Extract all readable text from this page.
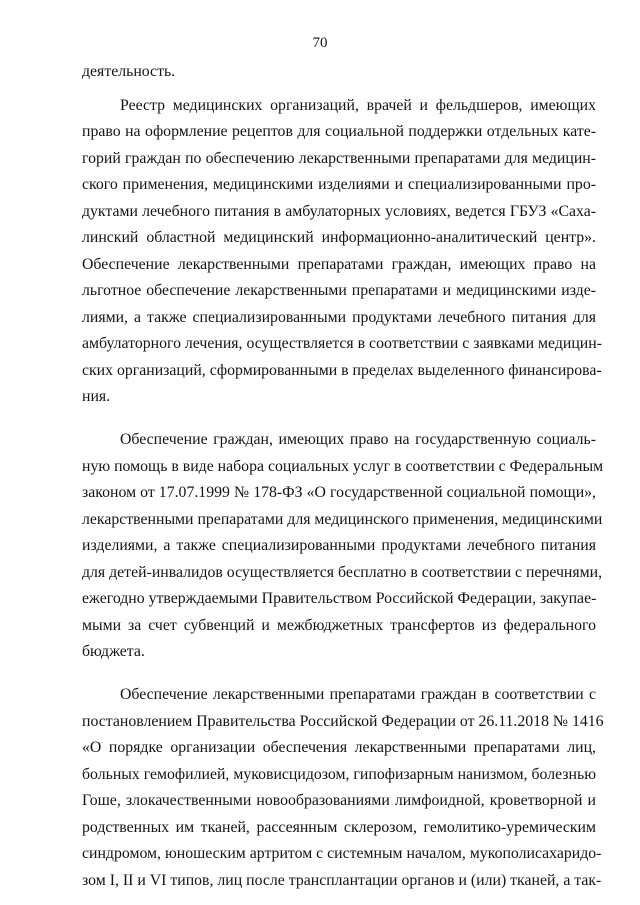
70
деятельность.
Реестр медицинских организаций, врачей и фельдшеров, имеющих
право на оформление рецептов для социальной поддержки отдельных кате-
горий граждан по обеспечению лекарственными препаратами для медицин-
ского применения, медицинскими изделиями и специализированными про-
дуктами лечебного питания в амбулаторных условиях, ведется ГБУЗ «Саха-
линский областной медицинский информационно-аналитический центр».
Обеспечение лекарственными препаратами граждан, имеющих право на
льготное обеспечение лекарственными препаратами и медицинскими изде-
лиями, а также специализированными продуктами лечебного питания для
амбулаторного лечения, осуществляется в соответствии с заявками медицин-
ских организаций, сформированными в пределах выделенного финансирова-
ния.
Обеспечение граждан, имеющих право на государственную социаль-
ную помощь в виде набора социальных услуг в соответствии с Федеральным
законом от 17.07.1999 № 178-ФЗ «О государственной социальной помощи»,
лекарственными препаратами для медицинского применения, медицинскими
изделиями, а также специализированными продуктами лечебного питания
для детей-инвалидов осуществляется бесплатно в соответствии с перечнями,
ежегодно утверждаемыми Правительством Российской Федерации, закупае-
мыми за счет субвенций и межбюджетных трансфертов из федерального
бюджета.
Обеспечение лекарственными препаратами граждан в соответствии с
постановлением Правительства Российской Федерации от 26.11.2018 № 1416
«О порядке организации обеспечения лекарственными препаратами лиц,
больных гемофилией, муковисцидозом, гипофизарным нанизмом, болезнью
Гоше, злокачественными новообразованиями лимфоидной, кроветворной и
родственных им тканей, рассеянным склерозом, гемолитико-уремическим
синдромом, юношеским артритом с системным началом, мукополисахаридо-
зом I, II и VI типов, лиц после трансплантации органов и (или) тканей, а так-
